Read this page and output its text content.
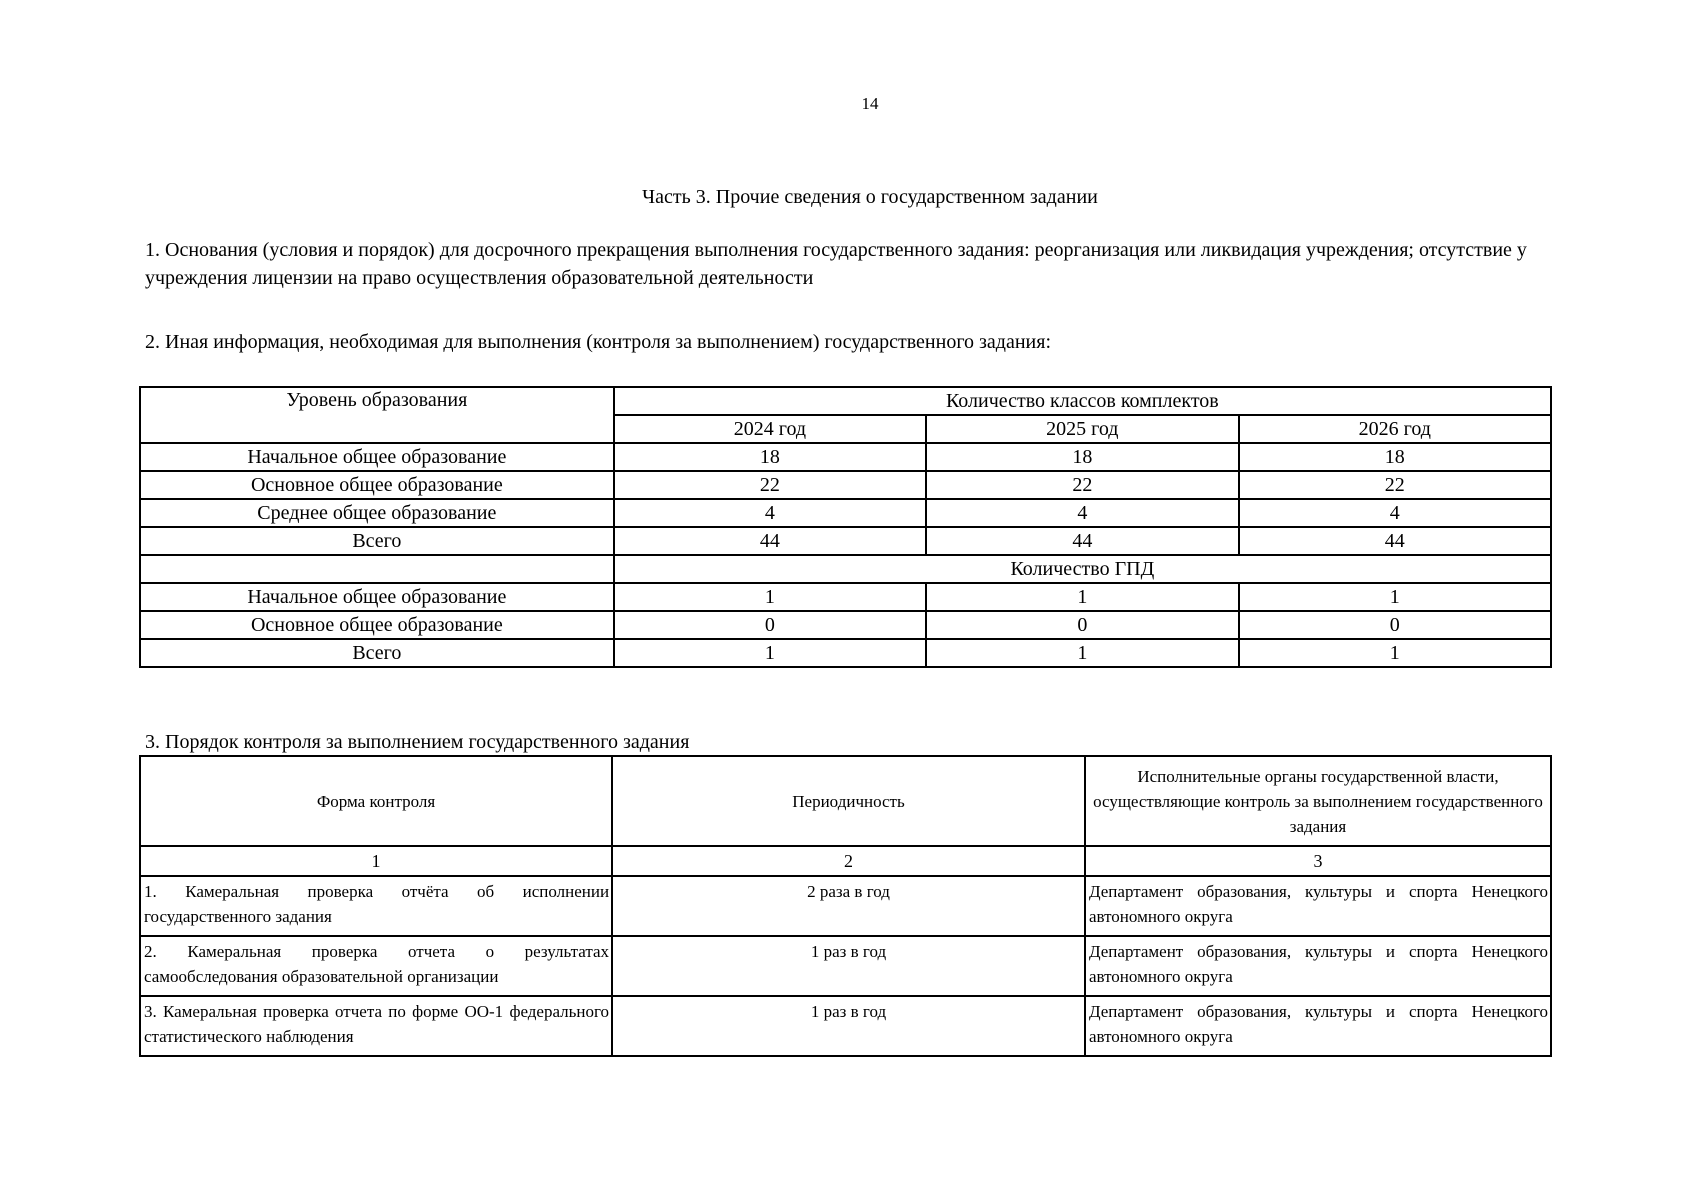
14
Часть 3. Прочие сведения о государственном задании
1. Основания (условия и порядок) для досрочного прекращения выполнения государственного задания: реорганизация или ликвидация учреждения; отсутствие у учреждения лицензии на право осуществления образовательной деятельности
2. Иная информация, необходимая для выполнения (контроля за выполнением) государственного задания:
Уровень образования	Количество классов комплектов		
	2024 год	2025 год	2026 год
Начальное общее образование	18	18	18
Основное общее образование	22	22	22
Среднее общее образование	4	4	4
Всего	44	44	44
	Количество ГПД		
Начальное общее образование	1	1	1
Основное общее образование	0	0	0
Всего	1	1	1
3. Порядок контроля за выполнением государственного задания
Форма контроля	Периодичность	Исполнительные органы государственной власти, осуществляющие контроль за выполнением государственного задания
1	2	3
1. Камеральная проверка отчёта об исполнении государственного задания	2 раза в год	Департамент образования, культуры и спорта Ненецкого автономного округа
2. Камеральная проверка отчета о результатах самообследования образовательной организации	1 раз в год	Департамент образования, культуры и спорта Ненецкого автономного округа
3. Камеральная проверка отчета по форме ОО-1 федерального статистического наблюдения	1 раз в год	Департамент образования, культуры и спорта Ненецкого автономного округа
